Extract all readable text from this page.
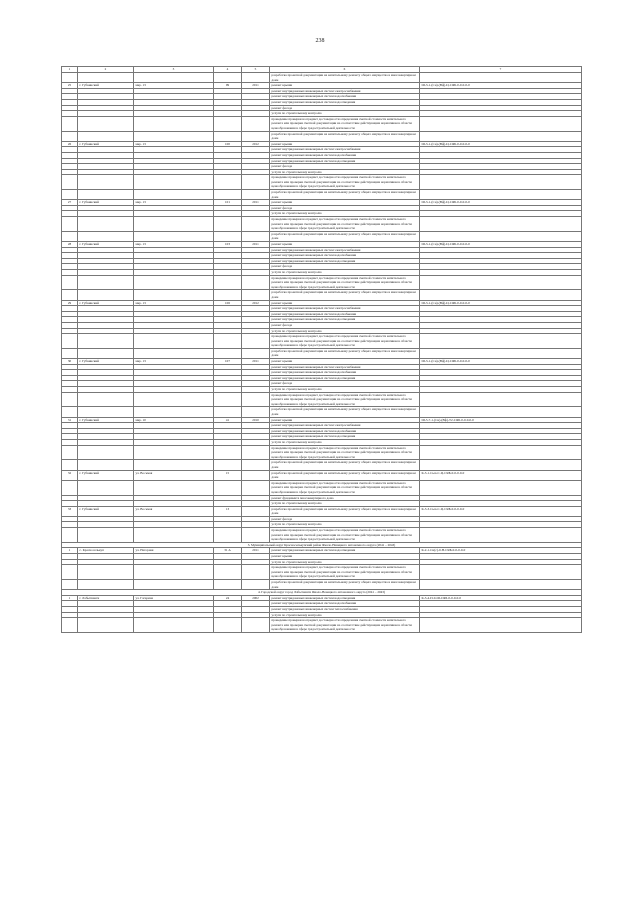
238
1	2	3	4	5	6	7
					разработка проектной документации на капитальному ремонту общего имущества в многоквартирном доме	
25	г. Губкинский	мкр. 13	99	2011	ремонт крыши	Ш-3-1-(Сн)-(Вф)-Ц-СЯБ-0-0-0-0-0
					ремонт внутридомовых инженерных систем электроснабжения	
					ремонт внутридомовых инженерных систем водоснабжения	
					ремонт внутридомовых инженерных систем водоотведения	
					ремонт фасада	
					услуги по строительному контролю	
					проведение проверки на предмет достоверности определения сметной стоимости капитального ремонта или проверки сметной документации на соответствие действующим нормативам в области ценообразования в сфере градостроительной деятельности	
					разработка проектной документации на капитальному ремонту общего имущества в многоквартирном доме	
26	г. Губкинский	мкр. 13	100	2012	ремонт крыши	Ш-3-1-(Сн)-(Вф)-Ц-СЯБ-0-0-0-0-0
					ремонт внутридомовых инженерных систем электроснабжения	
					ремонт внутридомовых инженерных систем водоснабжения	
					ремонт внутридомовых инженерных систем водоотведения	
					ремонт фасада	
					услуги по строительному контролю	
					проведение проверки на предмет достоверности определения сметной стоимости капитального ремонта или проверки сметной документации на соответствие действующим нормативам в области ценообразования в сфере градостроительной деятельности	
					разработка проектной документации на капитальному ремонту общего имущества в многоквартирном доме	
27	г. Губкинский	мкр. 13	101	2011	ремонт крыши	Ш-3-1-(Сн)-(Вф)-Ц-СЯБ-0-0-0-0-0
					ремонт фасада	
					услуги по строительному контролю	
					проведение проверки на предмет достоверности определения сметной стоимости капитального ремонта или проверки сметной документации на соответствие действующим нормативам в области ценообразования в сфере градостроительной деятельности	
					разработка проектной документации на капитальному ремонту общего имущества в многоквартирном доме	
28	г. Губкинский	мкр. 13	103	2011	ремонт крыши	Ш-3-1-(Сн)-(Вф)-Ц-СЯБ-0-0-0-0-0
					ремонт внутридомовых инженерных систем электроснабжения	
					ремонт внутридомовых инженерных систем водоснабжения	
					ремонт внутридомовых инженерных систем водоотведения	
					ремонт фасада	
					услуги по строительному контролю	
					проведение проверки на предмет достоверности определения сметной стоимости капитального ремонта или проверки сметной документации на соответствие действующим нормативам в области ценообразования в сфере градостроительной деятельности	
					разработка проектной документации на капитальному ремонту общего имущества в многоквартирном доме	
29	г. Губкинский	мкр. 13	106	2012	ремонт крыши	Ш-3-1-(Сн)-(Вф)-Ц-СЯБ-0-0-0-0-0
					ремонт внутридомовых инженерных систем электроснабжения	
					ремонт внутридомовых инженерных систем водоснабжения	
					ремонт внутридомовых инженерных систем водоотведения	
					ремонт фасада	
					услуги по строительному контролю	
					проведение проверки на предмет достоверности определения сметной стоимости капитального ремонта или проверки сметной документации на соответствие действующим нормативам в области ценообразования в сфере градостроительной деятельности	
					разработка проектной документации на капитальному ремонту общего имущества в многоквартирном доме	
30	г. Губкинский	мкр. 13	107	2011	ремонт крыши	Ш-3-1-(Сн)-(Вф)-Ц-СЯБ-0-0-0-0-0
					ремонт внутридомовых инженерных систем электроснабжения	
					ремонт внутридомовых инженерных систем водоснабжения	
					ремонт внутридомовых инженерных систем водоотведения	
					ремонт фасада	
					услуги по строительному контролю	
					проведение проверки на предмет достоверности определения сметной стоимости капитального ремонта или проверки сметной документации на соответствие действующим нормативам в области ценообразования в сфере градостроительной деятельности	
					разработка проектной документации на капитальному ремонту общего имущества в многоквартирном доме	
31	г. Губкинский	мкр. 10	41	2010	ремонт крыши	Ш-5-7-1-(Сн)-(Вф)-Т2-СЯБ-0-0-0-0-0
					ремонт внутридомовых инженерных систем электроснабжения	
					ремонт внутридомовых инженерных систем водоснабжения	
					ремонт внутридомовых инженерных систем водоотведения	
					услуги по строительному контролю	
					проведение проверки на предмет достоверности определения сметной стоимости капитального ремонта или проверки сметной документации на соответствие действующим нормативам в области ценообразования в сфере градостроительной деятельности	
					разработка проектной документации на капитальному ремонту общего имущества в многоквартирном доме	
32	г. Губкинский	ул. Восьмая	15		разработка проектной документации на капитальному ремонту общего имущества в многоквартирном доме	К-3-1-Сыч-С-Ц-СЯБ-0-0-0-0-0
					проведение проверки на предмет достоверности определения сметной стоимости капитального ремонта или проверки сметной документации на соответствие действующим нормативам в области ценообразования в сфере градостроительной деятельности	
					ремонт фундамента многоквартирного дома	
					услуги по строительному контролю	
33	г. Губкинский	ул. Восьмая	13		разработка проектной документации на капитальному ремонту общего имущества в многоквартирном доме	К-3-3-Сыч-С-Ц-СЯБ-0-0-0-0-0
					ремонт фасада	
					услуги по строительному контролю	
					проведение проверки на предмет достоверности определения сметной стоимости капитального ремонта или проверки сметной документации на соответствие действующим нормативам в области ценообразования в сфере градостроительной деятельности	
3. Муниципальный округ Красноселькупский район Ямало-Ненецкого автономного округа (2041 – 2043)						
1	с. Красноселькуп	ул. Нагорная	31 А	2011	ремонт внутридомовых инженерных систем водоотведения	К-2-1-Сн(с)-0-Н-СЯБ-0-0-0-0-0
					ремонт крыши	
					услуги по строительному контролю	
					проведение проверки на предмет достоверности определения сметной стоимости капитального ремонта или проверки сметной документации на соответствие действующим нормативам в области ценообразования в сфере градостроительной деятельности	
					разработка проектной документации на капитальному ремонту общего имущества в многоквартирном доме	
4. Городской округ город Лабытнанги Ямало-Ненецкого автономного округа (2041 – 2043)						
1	г. Лабытнанги	ул. Гагарина	24	2002	ремонт внутридомовых инженерных систем водоотведения	К-3-4-П-0-Ш-СЯБ-0-0-0-0-0
					ремонт внутридомовых инженерных систем водоснабжения	
					ремонт внутридомовых инженерных систем теплоснабжения	
					услуги по строительному контролю	
					проведение проверки на предмет достоверности определения сметной стоимости капитального ремонта или проверки сметной документации на соответствие действующим нормативам в области ценообразования в сфере градостроительной деятельности	
